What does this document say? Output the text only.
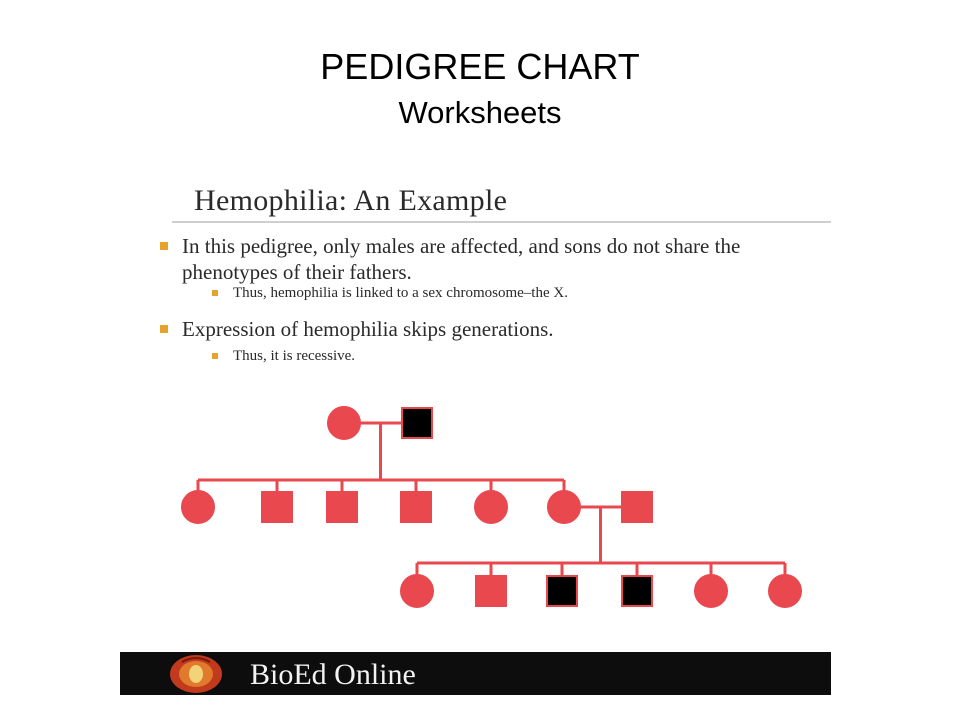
PEDIGREE CHART
Worksheets
Hemophilia: An Example
In this pedigree, only males are affected, and sons do not share the phenotypes of their fathers.
Thus, hemophilia is linked to a sex chromosome–the X.
Expression of hemophilia skips generations.
Thus, it is recessive.
BioEd Online
